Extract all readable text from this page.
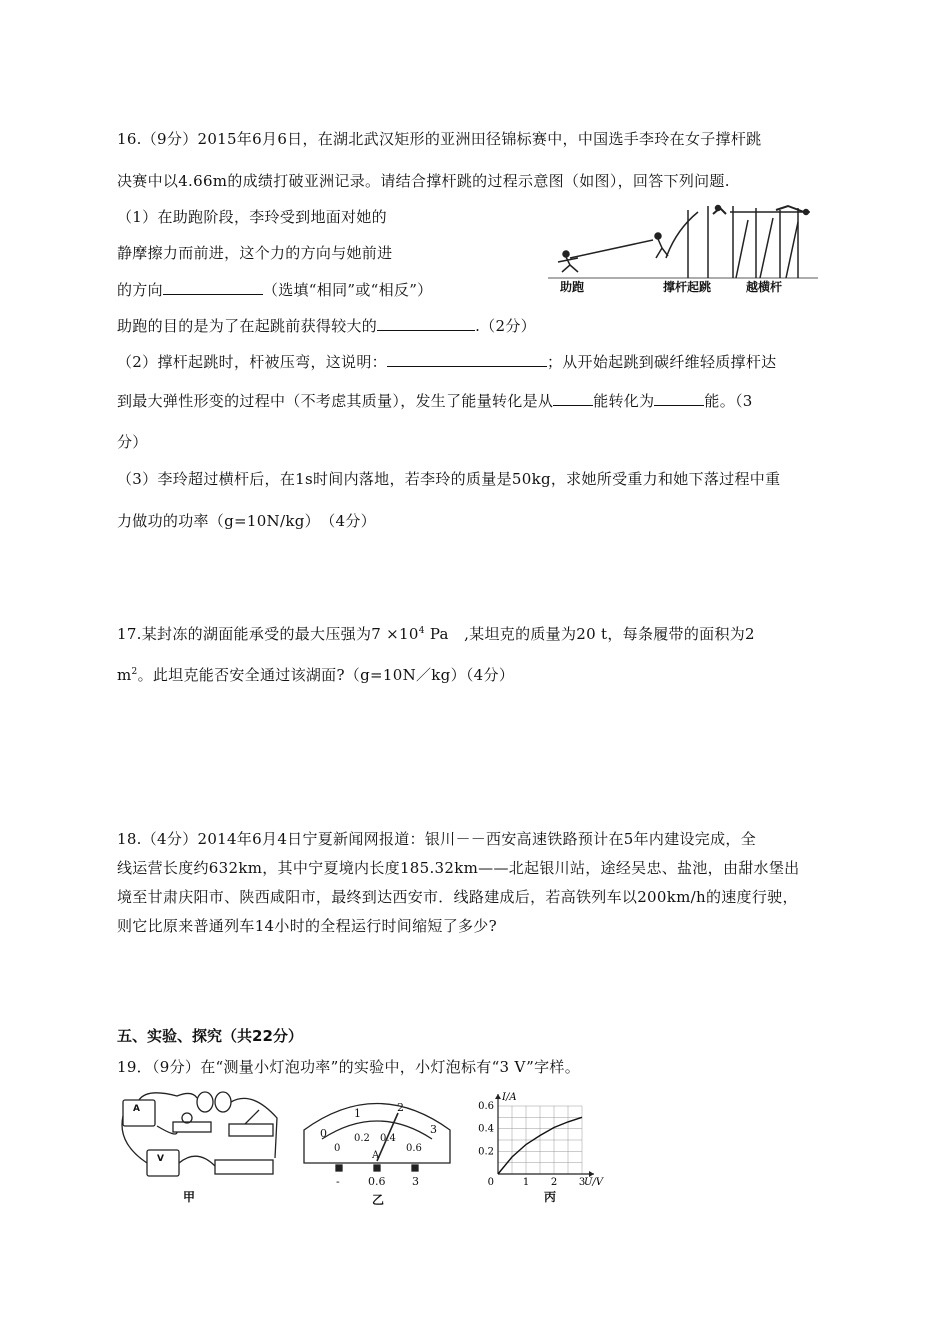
16.（9分）2015年6月6日，在湖北武汉矩形的亚洲田径锦标赛中，中国选手李玲在女子撑杆跳
决赛中以4.66m的成绩打破亚洲记录。请结合撑杆跳的过程示意图（如图），回答下列问题.
（1）在助跑阶段，李玲受到地面对她的
静摩擦力而前进，这个力的方向与她前进
的方向	（选填“相同”或“相反”）
助跑的目的是为了在起跳前获得较大的	.（2分）
（2）撑杆起跳时，杆被压弯，这说明：	；从开始起跳到碳纤维轻质撑杆达
到最大弹性形变的过程中（不考虑其质量），发生了能量转化是从	能转化为	能。（3
分）
（3）李玲超过横杆后，在1s时间内落地，若李玲的质量是50kg，求她所受重力和她下落过程中重
力做功的功率（g=10N/kg）　（4分）
助跑	撑杆起跳	越横杆
17.某封冻的湖面能承受的最大压强为$7 \times 10^4$ Pa　,某坦克的质量为20 t，每条履带的面积为2
$m^2$。此坦克能否安全通过该湖面?（g=10N／kg）（4分）
18.（4分）2014年6月4日宁夏新闻网报道：银川－－西安高速铁路预计在5年内建设完成，全
线运营长度约632km，其中宁夏境内长度185.32km——北起银川站，途经吴忠、盐池，由甜水堡出
境至甘肃庆阳市、陕西咸阳市，最终到达西安市．线路建成后，若高铁列车以200km/h的速度行驶，
则它比原来普通列车14小时的全程运行时间缩短了多少?
五、实验、探究（共22分）
19．（9分）在“测量小灯泡功率”的实验中，小灯泡标有“3 V”字样。
A
V
甲
0
1	2
3
0
0.2 0.4
0.6
A
-	0.6 3
乙
1 2 3
0.2
0.4
0.6
0
I/A
U/V
丙
